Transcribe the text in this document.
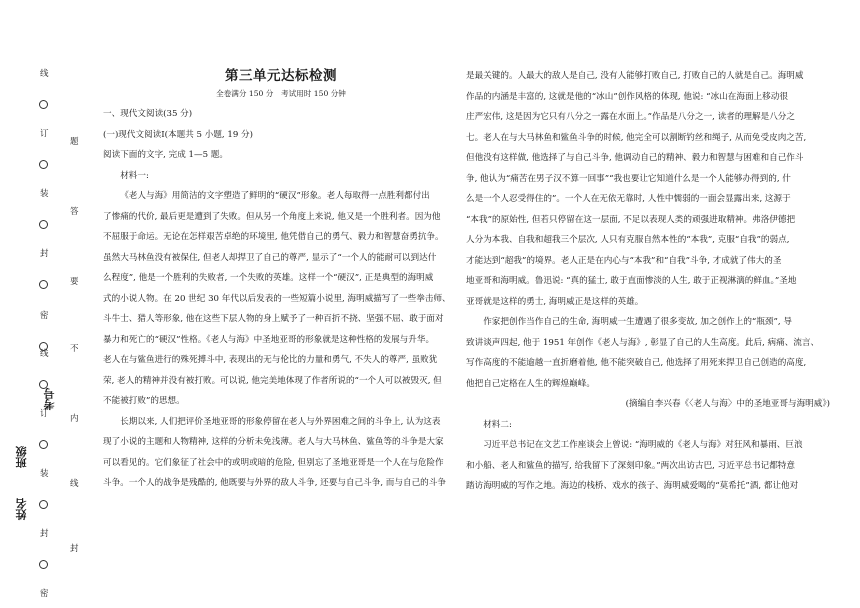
线
订
装
封
密
线
订
装
封
密
题
答
要
不
内
线
封
考号
班级
姓名
第三单元达标检测
全卷满分 150 分　考试用时 150 分钟
一、现代文阅读(35 分)
(一)现代文阅读Ⅰ(本题共 5 小题, 19 分)
阅读下面的文字, 完成 1—5 题。
材料一:
《老人与海》用简洁的文字塑造了鲜明的“硬汉”形象。老人每取得一点胜利都付出
了惨痛的代价, 最后更是遭到了失败。但从另一个角度上来说, 他又是一个胜利者。因为他
不屈服于命运。无论在怎样艰苦卓绝的环境里, 他凭借自己的勇气、毅力和智慧奋勇抗争。
虽然大马林鱼没有被保住, 但老人却捍卫了自己的尊严, 显示了“一个人的能耐可以到达什
么程度”, 他是一个胜利的失败者, 一个失败的英雄。这样一个“硬汉”, 正是典型的海明威
式的小说人物。在 20 世纪 30 年代以后发表的一些短篇小说里, 海明威描写了一些拳击师、
斗牛士、猎人等形象, 他在这些下层人物的身上赋予了一种百折不挠、坚强不屈、敢于面对
暴力和死亡的“硬汉”性格。《老人与海》中圣地亚哥的形象就是这种性格的发展与升华。
老人在与鲨鱼进行的殊死搏斗中, 表现出的无与伦比的力量和勇气, 不失人的尊严, 虽败犹
荣, 老人的精神并没有被打败。可以说, 他完美地体现了作者所说的“一个人可以被毁灭, 但
不能被打败”的思想。
长期以来, 人们把评价圣地亚哥的形象停留在老人与外界困难之间的斗争上, 认为这表
现了小说的主题和人物精神, 这样的分析未免浅薄。老人与大马林鱼、鲨鱼等的斗争是大家
可以看见的。它们象征了社会中的或明或暗的危险, 但别忘了圣地亚哥是一个人在与危险作
斗争。一个人的战争是残酷的, 他既要与外界的敌人斗争, 还要与自己斗争, 而与自己的斗争
是最关键的。人最大的敌人是自己, 没有人能够打败自己, 打败自己的人就是自己。海明威
作品的内涵是丰富的, 这就是他的“冰山”创作风格的体现, 他说: “冰山在海面上移动很
庄严宏伟, 这是因为它只有八分之一露在水面上。”作品是八分之一, 读者的理解是八分之
七。老人在与大马林鱼和鲨鱼斗争的时候, 他完全可以割断钓丝和绳子, 从而免受皮肉之苦,
但他没有这样做, 他选择了与自己斗争, 他调动自己的精神、毅力和智慧与困难和自己作斗
争, 他认为“痛苦在男子汉不算一回事”“我也要让它知道什么是一个人能够办得到的, 什
么是一个人忍受得住的”。一个人在无依无靠时, 人性中懦弱的一面会显露出来, 这源于
“本我”的原始性, 但若只停留在这一层面, 不足以表现人类的顽强进取精神。弗洛伊德把
人分为本我、自我和超我三个层次, 人只有克服自然本性的“本我”, 克服“自我”的弱点,
才能达到“超我”的境界。老人正是在内心与“本我”和“自我”斗争, 才成就了伟大的圣
地亚哥和海明威。鲁迅说: “真的猛士, 敢于直面惨淡的人生, 敢于正视淋漓的鲜血。”圣地
亚哥就是这样的勇士, 海明威正是这样的英雄。
作家把创作当作自己的生命, 海明威一生遭遇了很多变故, 加之创作上的“瓶颈”, 导
致讲谈声四起, 他于 1951 年创作《老人与海》, 彰显了自己的人生高度。此后, 病痛、流言、
写作高度的不能逾越一直折磨着他, 他不能突破自己, 他选择了用死来捍卫自己创造的高度,
他把自己定格在人生的辉煌巅峰。
(摘编自李兴春《〈老人与海〉中的圣地亚哥与海明威》)
材料二:
习近平总书记在文艺工作座谈会上曾说: “海明威的《老人与海》对狂风和暴雨、巨浪
和小船、老人和鲨鱼的描写, 给我留下了深刻印象。”两次出访古巴, 习近平总书记都特意
踏访海明威的写作之地。海边的栈桥、戏水的孩子、海明威爱喝的“莫希托”酒, 都让他对
